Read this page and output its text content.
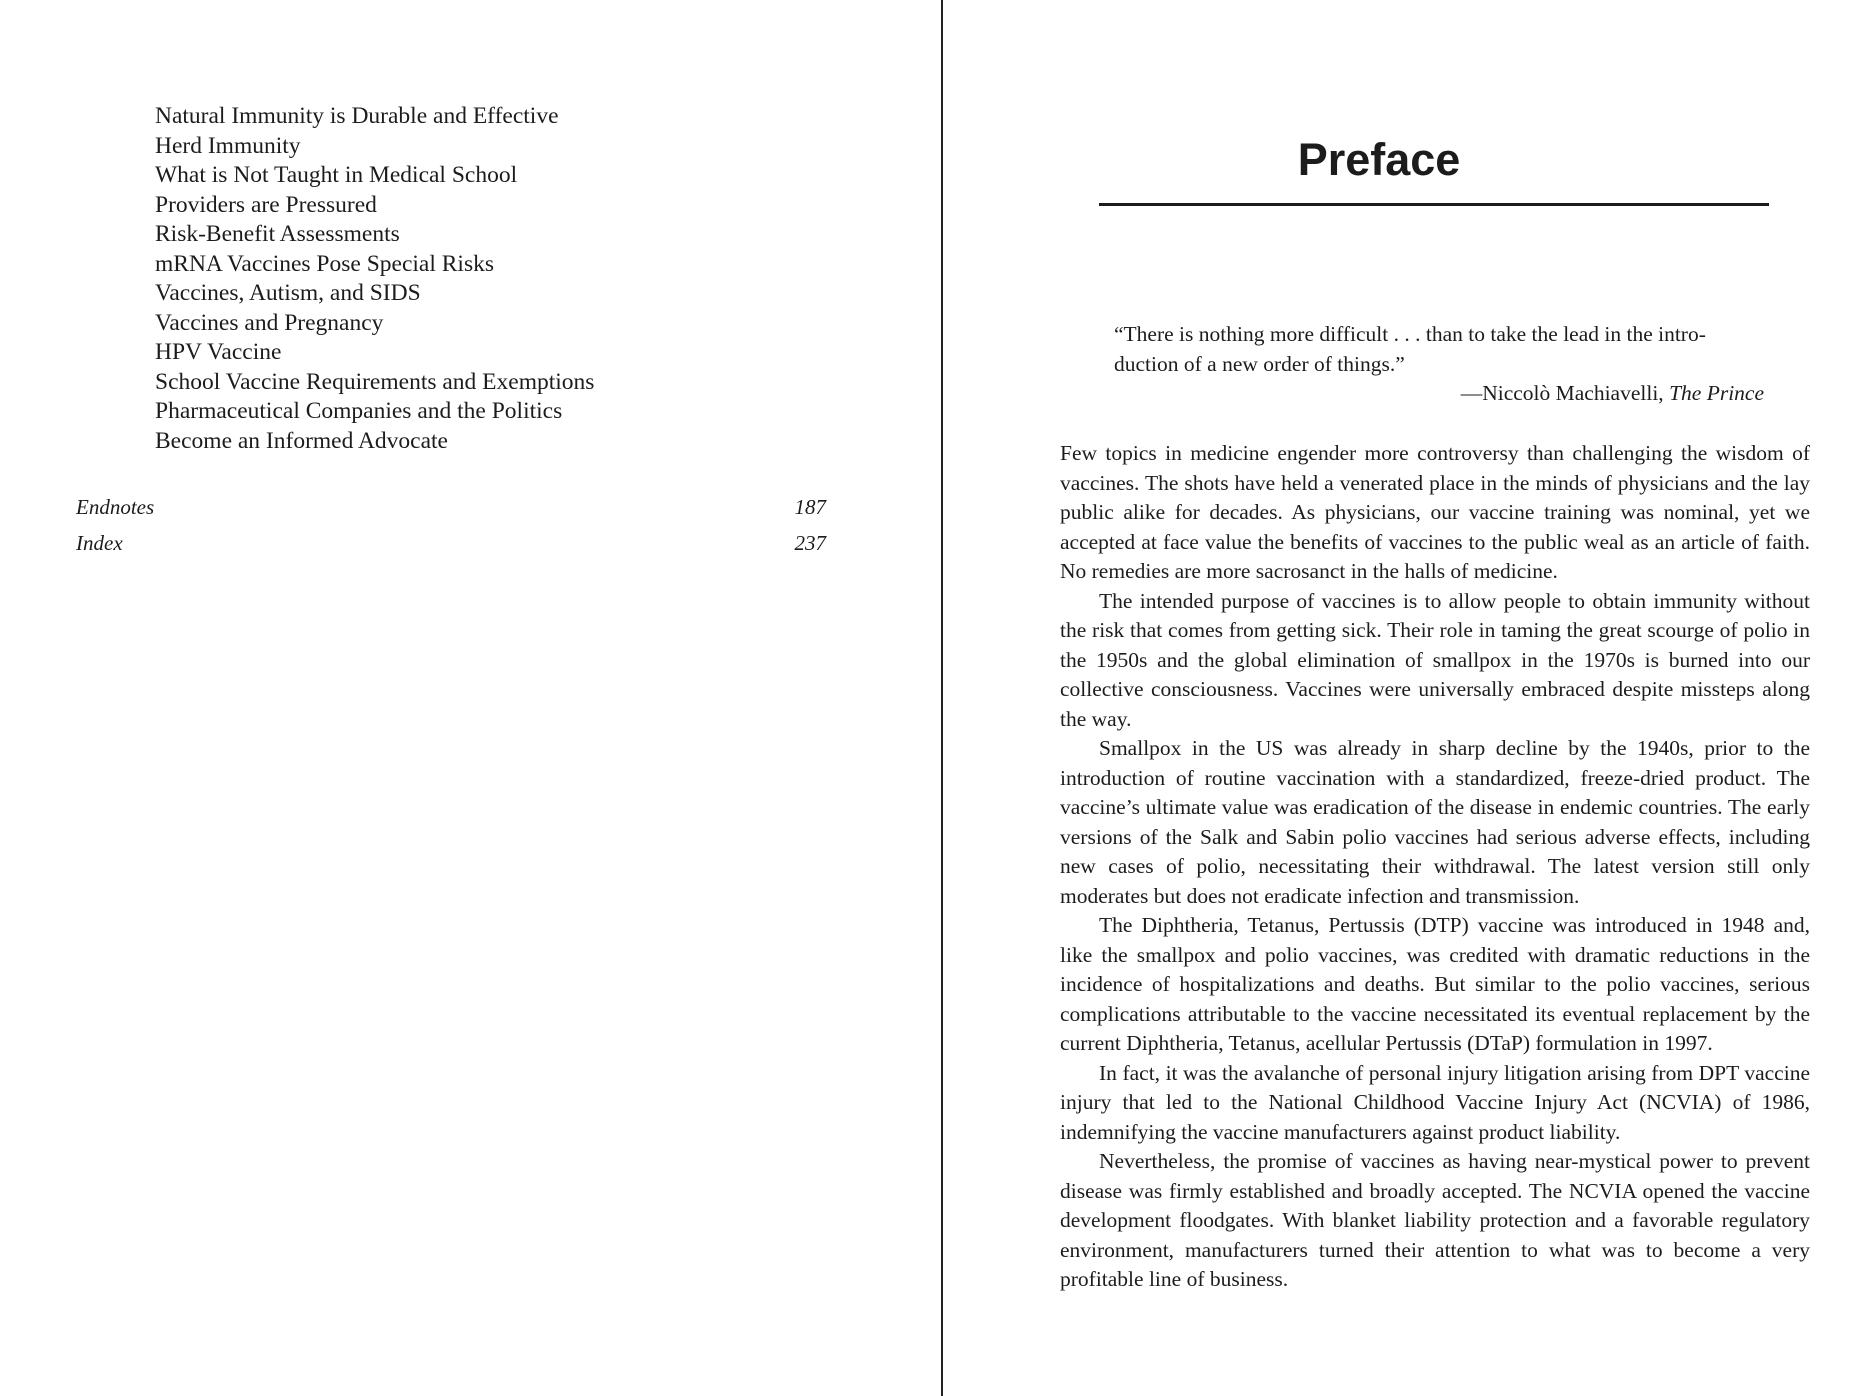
Natural Immunity is Durable and Effective
Herd Immunity
What is Not Taught in Medical School
Providers are Pressured
Risk-Benefit Assessments
mRNA Vaccines Pose Special Risks
Vaccines, Autism, and SIDS
Vaccines and Pregnancy
HPV Vaccine
School Vaccine Requirements and Exemptions
Pharmaceutical Companies and the Politics
Become an Informed Advocate
Endnotes	187
Index	237
Preface
“There is nothing more difficult . . . than to take the lead in the intro-
duction of a new order of things.”
—Niccolò Machiavelli, The Prince

Few topics in medicine engender more controversy than challenging the wisdom of vaccines. The shots have held a venerated place in the minds of physicians and the lay public alike for decades. As physicians, our vaccine training was nominal, yet we accepted at face value the benefits of vaccines to the public weal as an article of faith. No remedies are more sacrosanct in the halls of medicine.

The intended purpose of vaccines is to allow people to obtain immunity without the risk that comes from getting sick. Their role in taming the great scourge of polio in the 1950s and the global elimination of smallpox in the 1970s is burned into our collective consciousness. Vaccines were universally embraced despite missteps along the way.

Smallpox in the US was already in sharp decline by the 1940s, prior to the introduction of routine vaccination with a standardized, freeze-dried product. The vaccine’s ultimate value was eradication of the disease in endemic countries. The early versions of the Salk and Sabin polio vaccines had serious adverse effects, including new cases of polio, necessitating their withdrawal. The latest version still only moderates but does not eradicate infection and transmission.

The Diphtheria, Tetanus, Pertussis (DTP) vaccine was introduced in 1948 and, like the smallpox and polio vaccines, was credited with dramatic reductions in the incidence of hospitalizations and deaths. But similar to the polio vaccines, serious complications attributable to the vaccine necessitated its eventual replacement by the current Diphtheria, Tetanus, acellular Pertussis (DTaP) formulation in 1997.

In fact, it was the avalanche of personal injury litigation arising from DPT vaccine injury that led to the National Childhood Vaccine Injury Act (NCVIA) of 1986, indemnifying the vaccine manufacturers against product liability.

Nevertheless, the promise of vaccines as having near-mystical power to prevent disease was firmly established and broadly accepted. The NCVIA opened the vaccine development floodgates. With blanket liability protection and a favorable regulatory environment, manufacturers turned their attention to what was to become a very profitable line of business.
